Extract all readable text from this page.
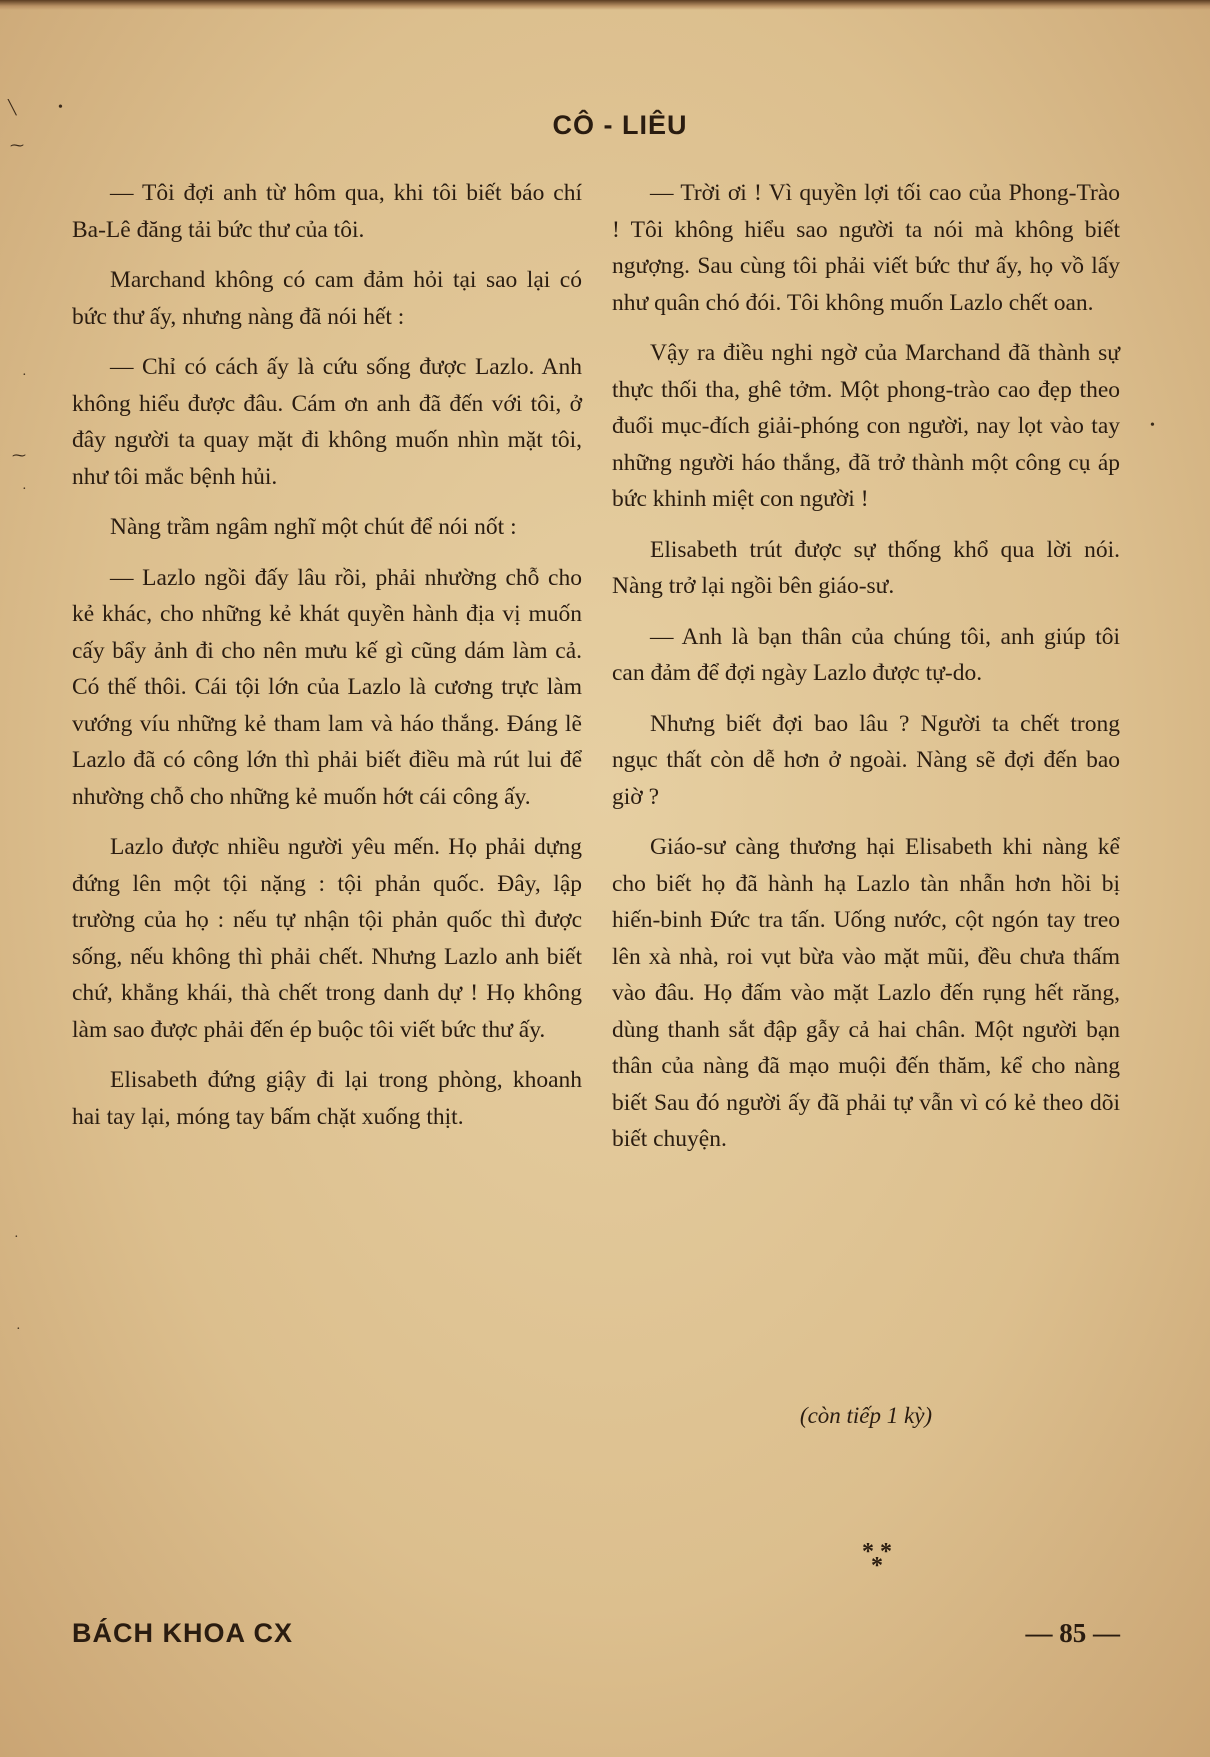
╲	•
⁓
·
⁓
·
·
·
•
CÔ - LIÊU

— Tôi đợi anh từ hôm qua, khi tôi biết báo chí Ba-Lê đăng tải bức thư của tôi.

Marchand không có cam đảm hỏi tại sao lại có bức thư ấy, nhưng nàng đã nói hết :

— Chỉ có cách ấy là cứu sống được Lazlo. Anh không hiểu được đâu. Cám ơn anh đã đến với tôi, ở đây người ta quay mặt đi không muốn nhìn mặt tôi, như tôi mắc bệnh hủi.

Nàng trầm ngâm nghĩ một chút để nói nốt :

— Lazlo ngồi đấy lâu rồi, phải nhường chỗ cho kẻ khác, cho những kẻ khát quyền hành địa vị muốn cấy bẩy ảnh đi cho nên mưu kế gì cũng dám làm cả. Có thế thôi. Cái tội lớn của Lazlo là cương trực làm vướng víu những kẻ tham lam và háo thắng. Đáng lẽ Lazlo đã có công lớn thì phải biết điều mà rút lui để nhường chỗ cho những kẻ muốn hớt cái công ấy.

Lazlo được nhiều người yêu mến. Họ phải dựng đứng lên một tội nặng : tội phản quốc. Đây, lập trường của họ : nếu tự nhận tội phản quốc thì được sống, nếu không thì phải chết. Nhưng Lazlo anh biết chứ, khẳng khái, thà chết trong danh dự ! Họ không làm sao được phải đến ép buộc tôi viết bức thư ấy.

Elisabeth đứng giậy đi lại trong phòng, khoanh hai tay lại, móng tay bấm chặt xuống thịt.

— Trời ơi ! Vì quyền lợi tối cao của Phong-Trào ! Tôi không hiểu sao người ta nói mà không biết ngượng. Sau cùng tôi phải viết bức thư ấy, họ vồ lấy như quân chó đói. Tôi không muốn Lazlo chết oan.

Vậy ra điều nghi ngờ của Marchand đã thành sự thực thối tha, ghê tởm. Một phong-trào cao đẹp theo đuổi mục-đích giải-phóng con người, nay lọt vào tay những người háo thắng, đã trở thành một công cụ áp bức khinh miệt con người !

Elisabeth trút được sự thống khổ qua lời nói. Nàng trở lại ngồi bên giáo-sư.

— Anh là bạn thân của chúng tôi, anh giúp tôi can đảm để đợi ngày Lazlo được tự-do.

Nhưng biết đợi bao lâu ? Người ta chết trong ngục thất còn dễ hơn ở ngoài. Nàng sẽ đợi đến bao giờ ?

Giáo-sư càng thương hại Elisabeth khi nàng kể cho biết họ đã hành hạ Lazlo tàn nhẫn hơn hồi bị hiến-binh Đức tra tấn. Uống nước, cột ngón tay treo lên xà nhà, roi vụt bừa vào mặt mũi, đều chưa thấm vào đâu. Họ đấm vào mặt Lazlo đến rụng hết răng, dùng thanh sắt đập gẫy cả hai chân. Một người bạn thân của nàng đã mạo muội đến thăm, kể cho nàng biết Sau đó người ấy đã phải tự vẫn vì có kẻ theo dõi biết chuyện.

(còn tiếp 1 kỳ)
* *
*
BÁCH KHOA CX	— 85 —
